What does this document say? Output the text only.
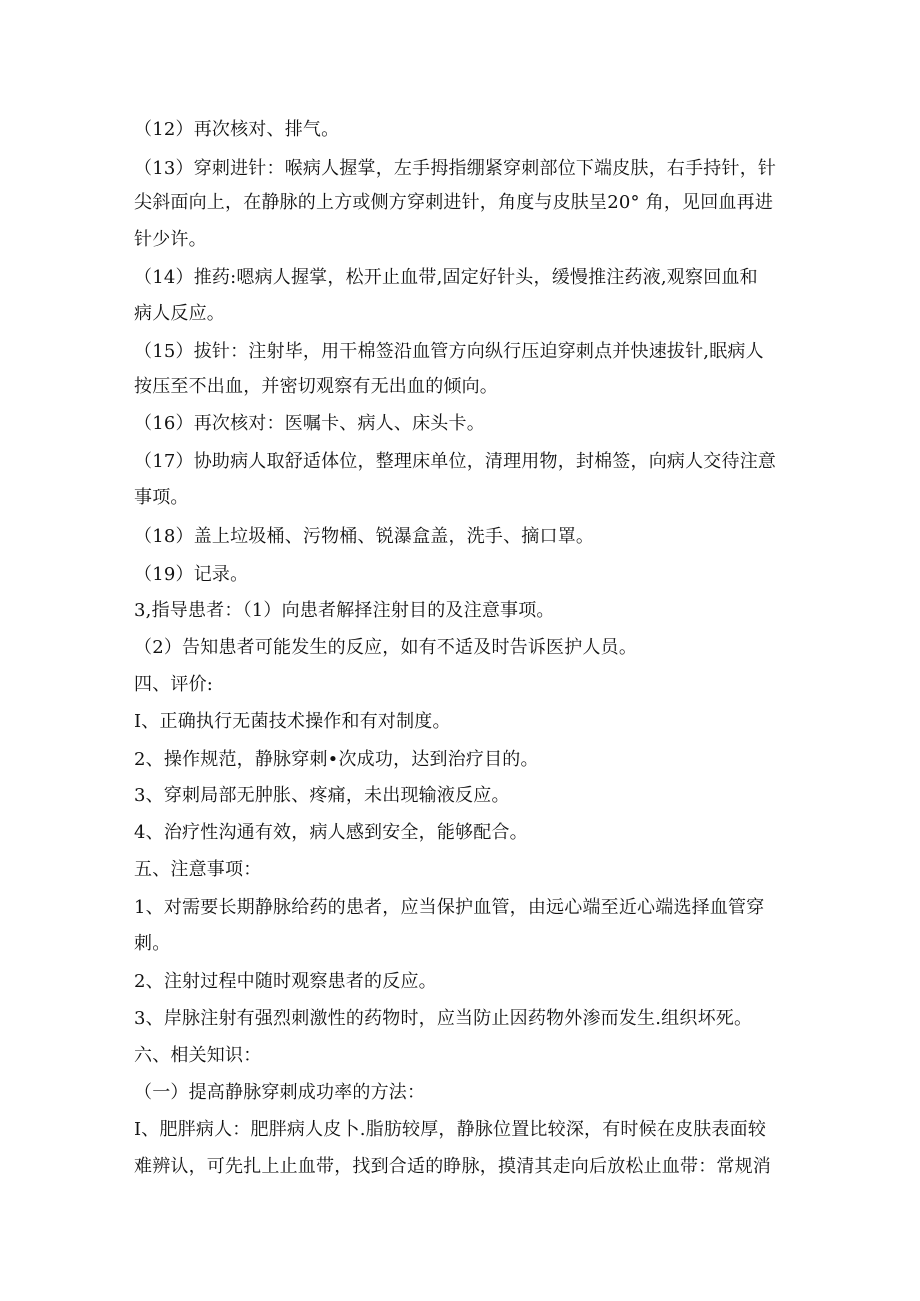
（12）再次核对、排气。
（13）穿刺进针：喉病人握掌，左手拇指绷紧穿刺部位下端皮肤，右手持针，针
尖斜面向上，在静脉的上方或侧方穿刺进针，角度与皮肤呈20° 角，见回血再进
针少许。
（14）推药:嗯病人握掌，松开止血带,固定好针头，缓慢推注药液,观察回血和
病人反应。
（15）拔针：注射毕，用干棉签沿血管方向纵行压迫穿刺点并快速拔针,眠病人
按压至不出血，并密切观察有无出血的倾向。
（16）再次核对：医嘱卡、病人、床头卡。
（17）协助病人取舒适体位，整理床单位，清理用物，封棉签，向病人交待注意
事项。
（18）盖上垃圾桶、污物桶、锐瀑盒盖，洗手、摘口罩。
（19）记录。
3,指导患者：（1）向患者解择注射目的及注意事项。
（2）告知患者可能发生的反应，如有不适及时告诉医护人员。
四、评价:
I、正确执行无菌技术操作和有对制度。
2、操作规范，静脉穿刺•次成功，达到治疗目的。
3、穿刺局部无肿胀、疼痛，未出现输液反应。
4、治疗性沟通有效，病人感到安全，能够配合。
五、注意事项：
1、对需要长期静脉给药的患者，应当保护血管，由远心端至近心端选择血管穿
刺。
2、注射过程中随时观察患者的反应。
3、岸脉注射有强烈刺激性的药物时，应当防止因药物外渗而发生.组织坏死。
六、相关知识：
（一）提高静脉穿刺成功率的方法：
I、肥胖病人：肥胖病人皮卜.脂肪较厚，静脉位置比较深，有时候在皮肤表面较
难辨认，可先扎上止血带，找到合适的睁脉，摸清其走向后放松止血带：常规消
